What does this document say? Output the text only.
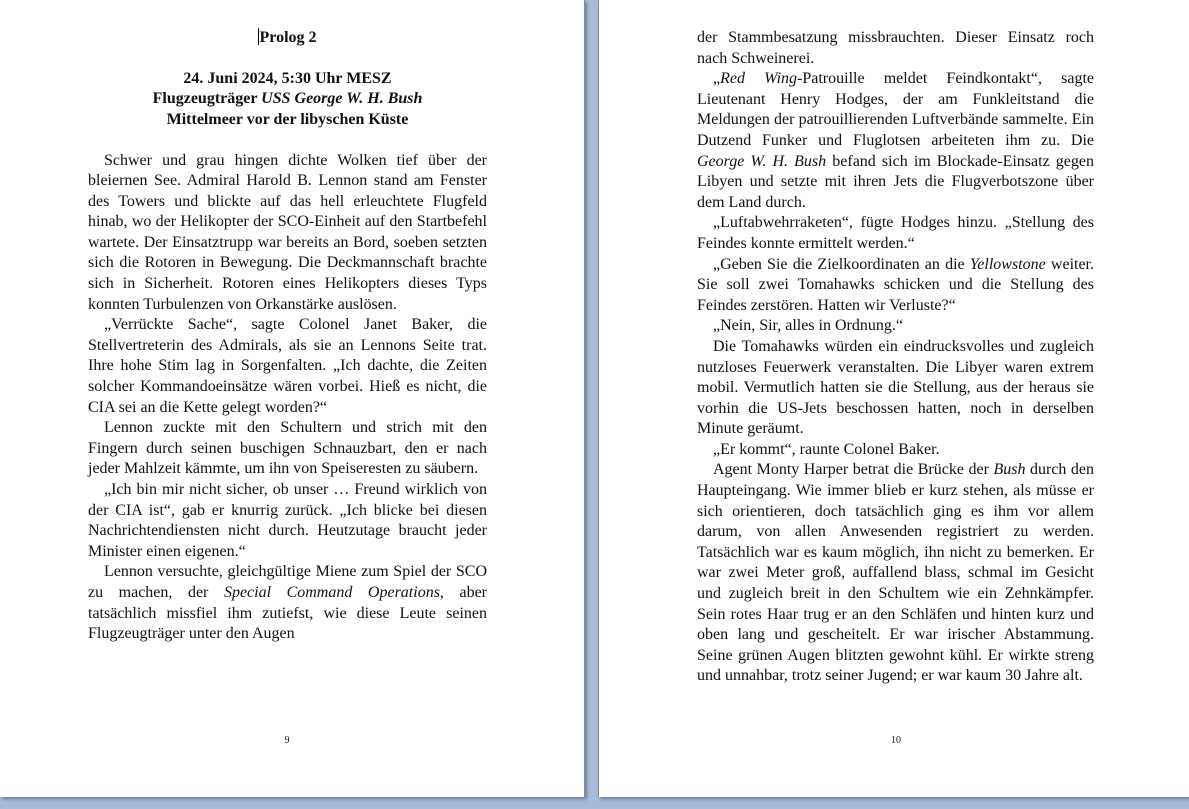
Prolog 2
24. Juni 2024, 5:30 Uhr MESZ
Flugzeugträger USS George W. H. Bush
Mittelmeer vor der libyschen Küste

Schwer und grau hingen dichte Wolken tief über der bleiernen See. Admiral Harold B. Lennon stand am Fenster des Towers und blickte auf das hell erleuchtete Flugfeld hinab, wo der Helikopter der SCO-Einheit auf den Startbefehl wartete. Der Einsatztrupp war bereits an Bord, soeben setzten sich die Rotoren in Bewegung. Die Deckmannschaft brachte sich in Sicherheit. Rotoren eines Helikopters dieses Typs konnten Turbulenzen von Orkanstärke auslösen.

„Verrückte Sache“, sagte Colonel Janet Baker, die Stellvertreterin des Admirals, als sie an Lennons Seite trat. Ihre hohe Stim lag in Sorgenfalten. „Ich dachte, die Zeiten solcher Kommandoeinsätze wären vorbei. Hieß es nicht, die CIA sei an die Kette gelegt worden?“

Lennon zuckte mit den Schultern und strich mit den Fingern durch seinen buschigen Schnauzbart, den er nach jeder Mahlzeit kämmte, um ihn von Speiseresten zu säubern.

„Ich bin mir nicht sicher, ob unser … Freund wirklich von der CIA ist“, gab er knurrig zurück. „Ich blicke bei diesen Nachrichtendiensten nicht durch. Heutzutage braucht jeder Minister einen eigenen.“

Lennon versuchte, gleichgültige Miene zum Spiel der SCO zu machen, der Special Command Operations, aber tatsächlich missfiel ihm zutiefst, wie diese Leute seinen Flugzeugträger unter den Augen

9

der Stammbesatzung missbrauchten. Dieser Einsatz roch nach Schweinerei.

„Red Wing-Patrouille meldet Feindkontakt“, sagte Lieutenant Henry Hodges, der am Funkleitstand die Meldungen der patrouillierenden Luftverbände sammelte. Ein Dutzend Funker und Fluglotsen arbeiteten ihm zu. Die George W. H. Bush befand sich im Blockade-Einsatz gegen Libyen und setzte mit ihren Jets die Flugverbotszone über dem Land durch.

„Luftabwehrraketen“, fügte Hodges hinzu. „Stellung des Feindes konnte ermittelt werden.“

„Geben Sie die Zielkoordinaten an die Yellowstone weiter. Sie soll zwei Tomahawks schicken und die Stellung des Feindes zerstören. Hatten wir Verluste?“

„Nein, Sir, alles in Ordnung.“

Die Tomahawks würden ein eindrucksvolles und zugleich nutzloses Feuerwerk veranstalten. Die Libyer waren extrem mobil. Vermutlich hatten sie die Stellung, aus der heraus sie vorhin die US-Jets beschossen hatten, noch in derselben Minute geräumt.

„Er kommt“, raunte Colonel Baker.

Agent Monty Harper betrat die Brücke der Bush durch den Haupteingang. Wie immer blieb er kurz stehen, als müsse er sich orientieren, doch tatsächlich ging es ihm vor allem darum, von allen Anwesenden registriert zu werden. Tatsächlich war es kaum möglich, ihn nicht zu bemerken. Er war zwei Meter groß, auffallend blass, schmal im Gesicht und zugleich breit in den Schultem wie ein Zehnkämpfer. Sein rotes Haar trug er an den Schläfen und hinten kurz und oben lang und gescheitelt. Er war irischer Abstammung. Seine grünen Augen blitzten gewohnt kühl. Er wirkte streng und unnahbar, trotz seiner Jugend; er war kaum 30 Jahre alt.

10
